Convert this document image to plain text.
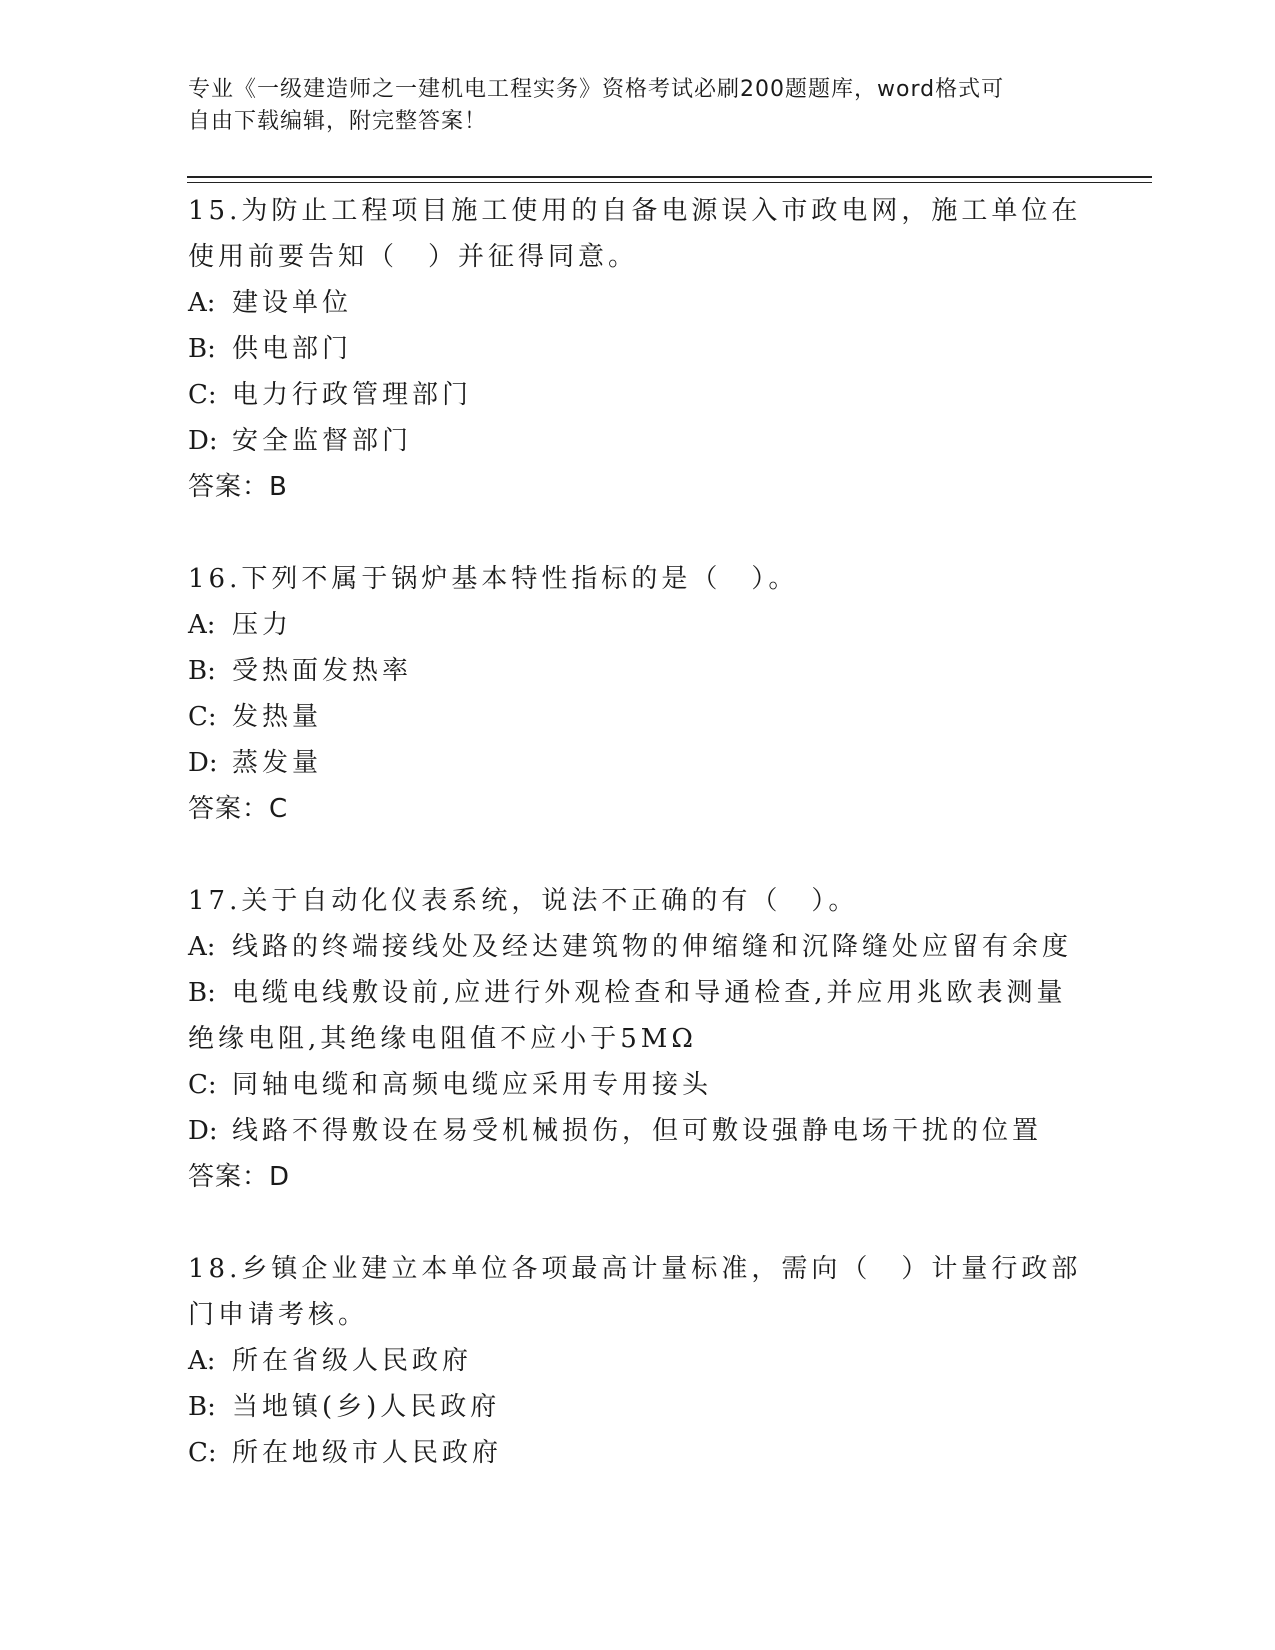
专业《一级建造师之一建机电工程实务》资格考试必刷200题题库，word格式可
自由下载编辑，附完整答案！

15.为防止工程项目施工使用的自备电源误入市政电网，施工单位在使用前要告知（　）并征得同意。

A: 建设单位

B: 供电部门

C: 电力行政管理部门

D: 安全监督部门

答案：B

16.下列不属于锅炉基本特性指标的是（　）。

A: 压力

B: 受热面发热率

C: 发热量

D: 蒸发量

答案：C

17.关于自动化仪表系统，说法不正确的有（　）。

A: 线路的终端接线处及经达建筑物的伸缩缝和沉降缝处应留有余度

B: 电缆电线敷设前,应进行外观检查和导通检查,并应用兆欧表测量绝缘电阻,其绝缘电阻值不应小于5MΩ

C: 同轴电缆和高频电缆应采用专用接头

D: 线路不得敷设在易受机械损伤，但可敷设强静电场干扰的位置

答案：D

18.乡镇企业建立本单位各项最高计量标准，需向（　）计量行政部门申请考核。

A: 所在省级人民政府

B: 当地镇(乡)人民政府

C: 所在地级市人民政府
